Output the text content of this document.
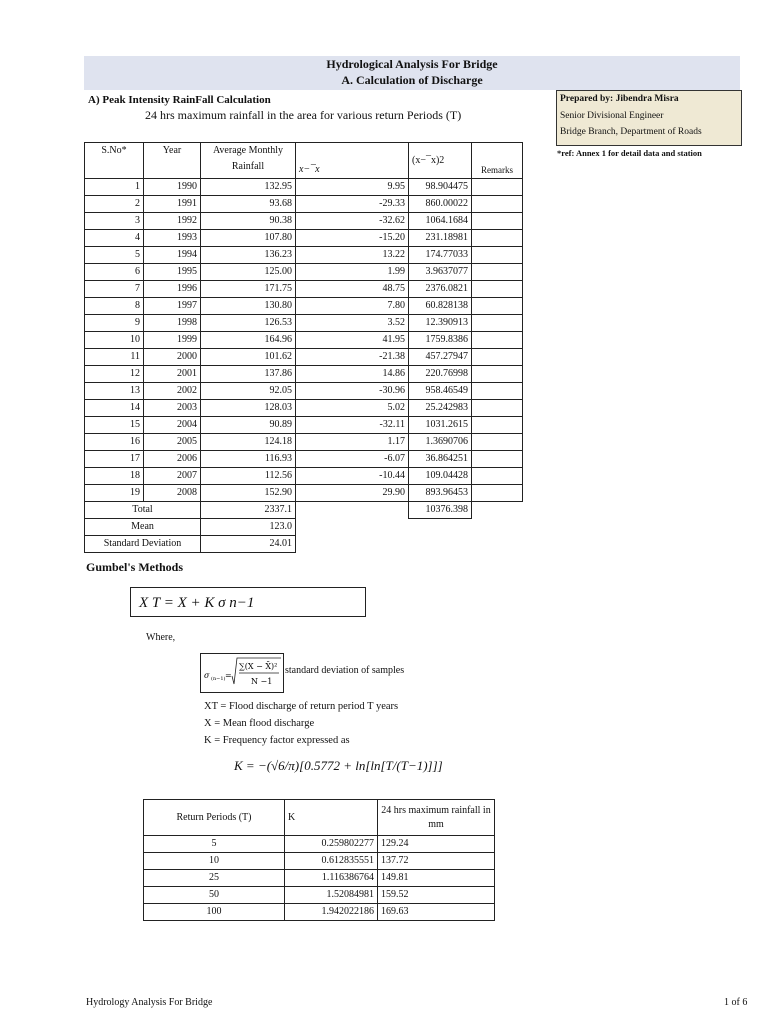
Hydrological Analysis For Bridge
A. Calculation of Discharge
A) Peak Intensity RainFall Calculation
24 hrs maximum rainfall in the area for various return Periods (T)
Prepared by: Jibendra Misra
Senior Divisional Engineer
Bridge Branch, Department of Roads
*ref: Annex 1 for detail data and station
S.No*	Year	Average Monthly Rainfall	x−¯x	(x−¯x)2	Remarks
1	1990	132.95	9.95	98.904475	
2	1991	93.68	-29.33	860.00022	
3	1992	90.38	-32.62	1064.1684	
4	1993	107.80	-15.20	231.18981	
5	1994	136.23	13.22	174.77033	
6	1995	125.00	1.99	3.9637077	
7	1996	171.75	48.75	2376.0821	
8	1997	130.80	7.80	60.828138	
9	1998	126.53	3.52	12.390913	
10	1999	164.96	41.95	1759.8386	
11	2000	101.62	-21.38	457.27947	
12	2001	137.86	14.86	220.76998	
13	2002	92.05	-30.96	958.46549	
14	2003	128.03	5.02	25.242983	
15	2004	90.89	-32.11	1031.2615	
16	2005	124.18	1.17	1.3690706	
17	2006	116.93	-6.07	36.864251	
18	2007	112.56	-10.44	109.04428	
19	2008	152.90	29.90	893.96453	
Total		2337.1		10376.398	
Mean		123.0			
Standard Deviation		24.01			
Gumbel's Methods
X T = X + K σ n−1
Where,
σ (n−1) =
∑(X − X̄)²
N −1
standard deviation of samples
XT = Flood discharge of return period T years
X = Mean flood discharge
K = Frequency factor expressed as
K = −(√6/π)[0.5772 + ln[ln[T/(T−1)]]]
Return Periods (T)	K	24 hrs maximum rainfall in mm
5	0.259802277	129.24
10	0.612835551	137.72
25	1.116386764	149.81
50	1.52084981	159.52
100	1.942022186	169.63
Hydrology Analysis For Bridge	1 of 6
